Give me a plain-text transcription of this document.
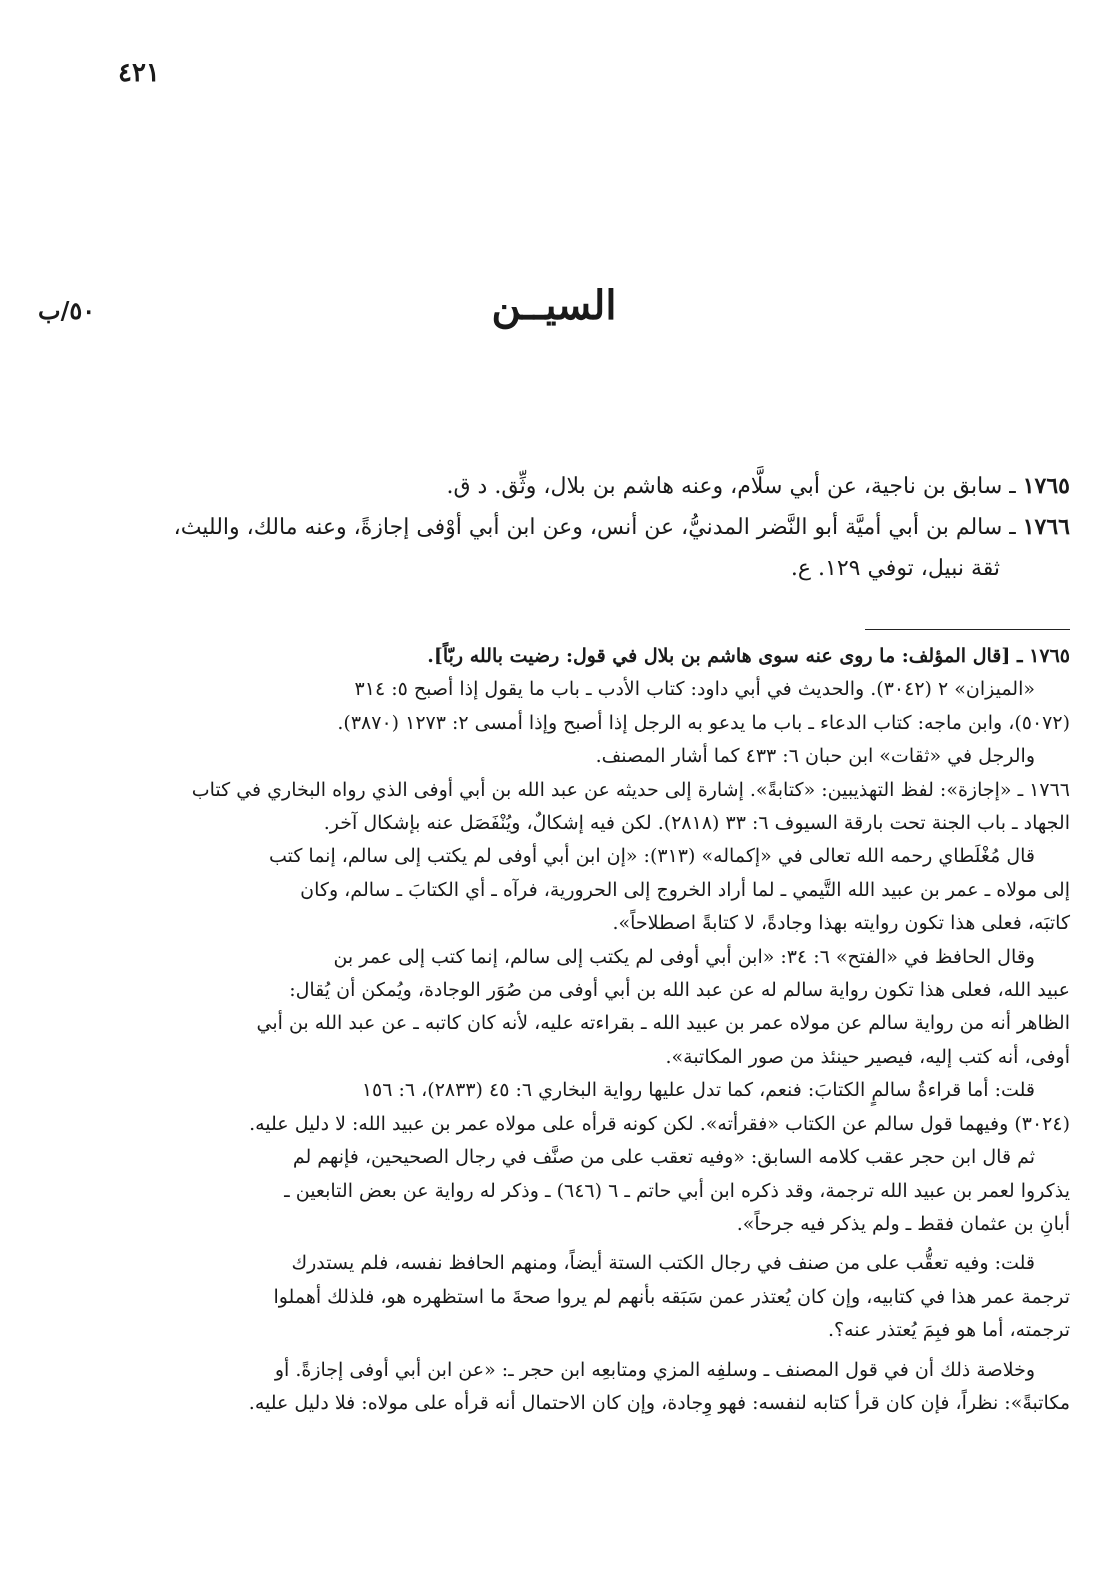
٤٢١
٥٠/ب	السيــن

١٧٦٥ ـ سابق بن ناجية، عن أبي سلَّام، وعنه هاشم بن بلال، وثِّق. د ق.

١٧٦٦ ـ سالم بن أبي أميَّة أبو النَّضر المدنيُّ، عن أنس، وعن ابن أبي أوْفى إجازةً، وعنه مالك، والليث،
ثقة نبيل، توفي ١٢٩. ع.

١٧٦٥ ـ [قال المؤلف: ما روى عنه سوى هاشم بن بلال في قول: رضيت بالله ربّاً].

«الميزان» ٢ (٣٠٤٢). والحديث في أبي داود: كتاب الأدب ـ باب ما يقول إذا أصبح ٥: ٣١٤

(٥٠٧٢)، وابن ماجه: كتاب الدعاء ـ باب ما يدعو به الرجل إذا أصبح وإذا أمسى ٢: ١٢٧٣ (٣٨٧٠).

والرجل في «ثقات» ابن حبان ٦: ٤٣٣ كما أشار المصنف.

١٧٦٦ ـ «إجازة»: لفظ التهذيبين: «كتابةً». إشارة إلى حديثه عن عبد الله بن أبي أوفى الذي رواه البخاري في كتاب

الجهاد ـ باب الجنة تحت بارقة السيوف ٦: ٣٣ (٢٨١٨). لكن فيه إشكالٌ، ويُنْفَصَل عنه بإشكال آخر.

قال مُغْلَطاي رحمه الله تعالى في «إكماله» (٣١٣): «إن ابن أبي أوفى لم يكتب إلى سالم، إنما كتب

إلى مولاه ـ عمر بن عبيد الله التَّيمي ـ لما أراد الخروج إلى الحرورية، فرآه ـ أي الكتابَ ـ سالم، وكان

كاتبَه، فعلى هذا تكون روايته بهذا وجادةً، لا كتابةً اصطلاحاً».

وقال الحافظ في «الفتح» ٦: ٣٤: «ابن أبي أوفى لم يكتب إلى سالم، إنما كتب إلى عمر بن

عبيد الله، فعلى هذا تكون رواية سالم له عن عبد الله بن أبي أوفى من صُوَر الوجادة، ويُمكن أن يُقال:

الظاهر أنه من رواية سالم عن مولاه عمر بن عبيد الله ـ بقراءته عليه، لأنه كان كاتبه ـ عن عبد الله بن أبي

أوفى، أنه كتب إليه، فيصير حينئذ من صور المكاتبة».

قلت: أما قراءةُ سالمٍ الكتابَ: فنعم، كما تدل عليها رواية البخاري ٦: ٤٥ (٢٨٣٣)، ٦: ١٥٦

(٣٠٢٤) وفيهما قول سالم عن الكتاب «فقرأته». لكن كونه قرأه على مولاه عمر بن عبيد الله: لا دليل عليه.

ثم قال ابن حجر عقب كلامه السابق: «وفيه تعقب على من صنَّف في رجال الصحيحين، فإنهم لم

يذكروا لعمر بن عبيد الله ترجمة، وقد ذكره ابن أبي حاتم ـ ٦ (٦٤٦) ـ وذكر له رواية عن بعض التابعين ـ

أبانِ بن عثمان فقط ـ ولم يذكر فيه جرحاً».

قلت: وفيه تعقُّب على من صنف في رجال الكتب الستة أيضاً، ومنهم الحافظ نفسه، فلم يستدرك

ترجمة عمر هذا في كتابيه، وإن كان يُعتذر عمن سَبَقه بأنهم لم يروا صحةَ ما استظهره هو، فلذلك أهملوا

ترجمته، أما هو فبِمَ يُعتذر عنه؟.

وخلاصة ذلك أن في قول المصنف ـ وسلفِه المزي ومتابعِه ابن حجر ـ: «عن ابن أبي أوفى إجازةً. أو

مكاتبةً»: نظراً، فإن كان قرأ كتابه لنفسه: فهو وِجادة، وإن كان الاحتمال أنه قرأه على مولاه: فلا دليل عليه.
